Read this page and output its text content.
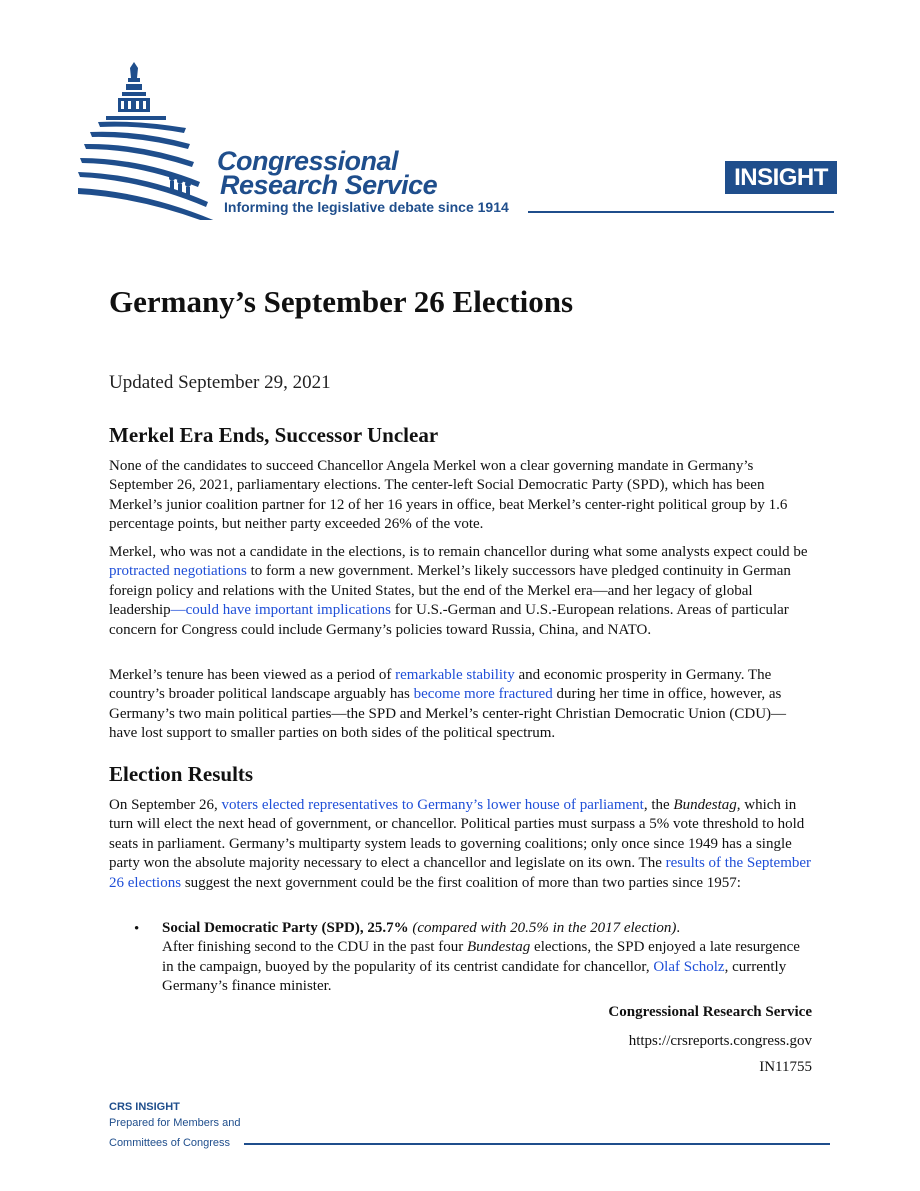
Congressional
Research Service
Informing the legislative debate since 1914
INSIGHT
Germany’s September 26 Elections
Updated September 29, 2021
Merkel Era Ends, Successor Unclear

None of the candidates to succeed Chancellor Angela Merkel won a clear governing mandate in Germany’s September 26, 2021, parliamentary elections. The center-left Social Democratic Party (SPD), which has been Merkel’s junior coalition partner for 12 of her 16 years in office, beat Merkel’s center-right political group by 1.6 percentage points, but neither party exceeded 26% of the vote.

Merkel, who was not a candidate in the elections, is to remain chancellor during what some analysts expect could be protracted negotiations to form a new government. Merkel’s likely successors have pledged continuity in German foreign policy and relations with the United States, but the end of the Merkel era—and her legacy of global leadership—could have important implications for U.S.-German and U.S.-European relations. Areas of particular concern for Congress could include Germany’s policies toward Russia, China, and NATO.

Merkel’s tenure has been viewed as a period of remarkable stability and economic prosperity in Germany. The country’s broader political landscape arguably has become more fractured during her time in office, however, as Germany’s two main political parties—the SPD and Merkel’s center-right Christian Democratic Union (CDU)—have lost support to smaller parties on both sides of the political spectrum.

Election Results

On September 26, voters elected representatives to Germany’s lower house of parliament, the Bundestag, which in turn will elect the next head of government, or chancellor. Political parties must surpass a 5% vote threshold to hold seats in parliament. Germany’s multiparty system leads to governing coalitions; only once since 1949 has a single party won the absolute majority necessary to elect a chancellor and legislate on its own. The results of the September 26 elections suggest the next government could be the first coalition of more than two parties since 1957:

• Social Democratic Party (SPD), 25.7% (compared with 20.5% in the 2017 election).
After finishing second to the CDU in the past four Bundestag elections, the SPD enjoyed a late resurgence in the campaign, buoyed by the popularity of its centrist candidate for chancellor, Olaf Scholz, currently Germany’s finance minister.

Congressional Research Service
https://crsreports.congress.gov
IN11755
CRS INSIGHT
Prepared for Members and
Committees of Congress
